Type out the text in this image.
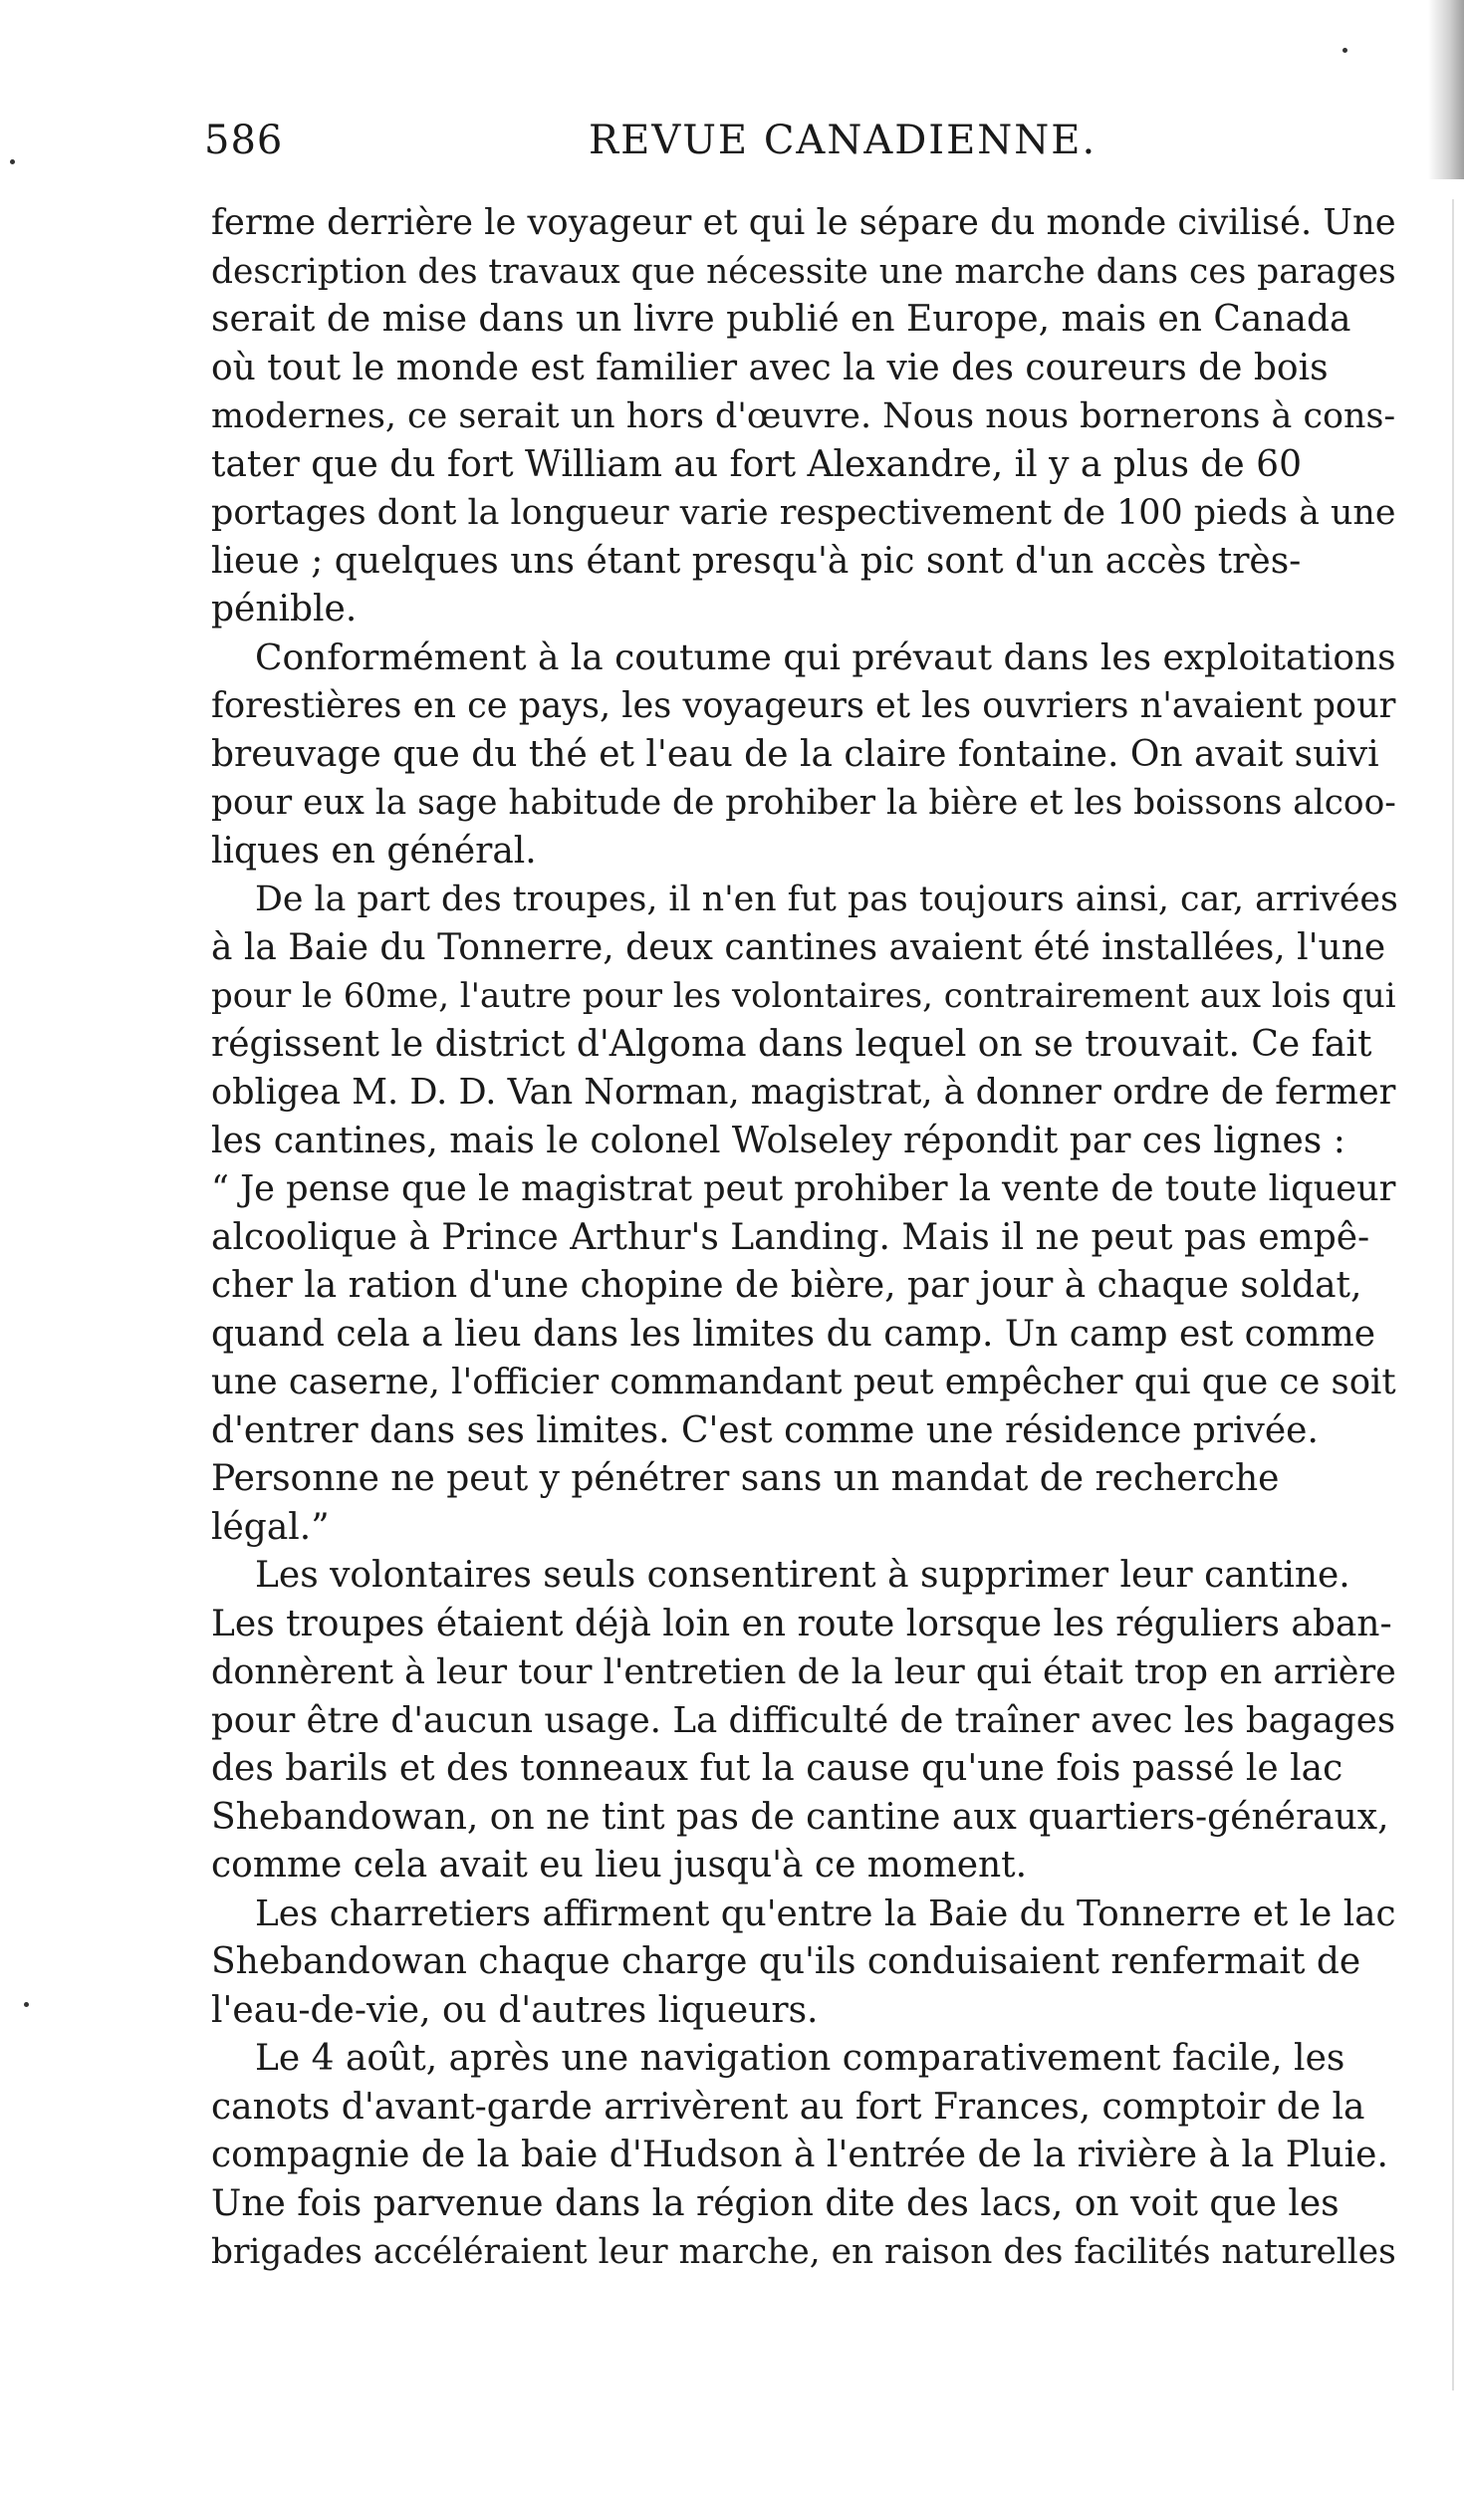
586	REVUE CANADIENNE.
ferme derrière le voyageur et qui le sépare du monde civilisé. Une
description des travaux que nécessite une marche dans ces parages
serait de mise dans un livre publié en Europe, mais en Canada
où tout le monde est familier avec la vie des coureurs de bois
modernes, ce serait un hors d'œuvre. Nous nous bornerons à cons-
tater que du fort William au fort Alexandre, il y a plus de 60
portages dont la longueur varie respectivement de 100 pieds à une
lieue ; quelques uns étant presqu'à pic sont d'un accès très-
pénible.
Conformément à la coutume qui prévaut dans les exploitations
forestières en ce pays, les voyageurs et les ouvriers n'avaient pour
breuvage que du thé et l'eau de la claire fontaine. On avait suivi
pour eux la sage habitude de prohiber la bière et les boissons alcoo-
liques en général.
De la part des troupes, il n'en fut pas toujours ainsi, car, arrivées
à la Baie du Tonnerre, deux cantines avaient été installées, l'une
pour le 60me, l'autre pour les volontaires, contrairement aux lois qui
régissent le district d'Algoma dans lequel on se trouvait. Ce fait
obligea M. D. D. Van Norman, magistrat, à donner ordre de fermer
les cantines, mais le colonel Wolseley répondit par ces lignes :
“ Je pense que le magistrat peut prohiber la vente de toute liqueur
alcoolique à Prince Arthur's Landing. Mais il ne peut pas empê-
cher la ration d'une chopine de bière, par jour à chaque soldat,
quand cela a lieu dans les limites du camp. Un camp est comme
une caserne, l'officier commandant peut empêcher qui que ce soit
d'entrer dans ses limites. C'est comme une résidence privée.
Personne ne peut y pénétrer sans un mandat de recherche
légal.”
Les volontaires seuls consentirent à supprimer leur cantine.
Les troupes étaient déjà loin en route lorsque les réguliers aban-
donnèrent à leur tour l'entretien de la leur qui était trop en arrière
pour être d'aucun usage. La difficulté de traîner avec les bagages
des barils et des tonneaux fut la cause qu'une fois passé le lac
Shebandowan, on ne tint pas de cantine aux quartiers-généraux,
comme cela avait eu lieu jusqu'à ce moment.
Les charretiers affirment qu'entre la Baie du Tonnerre et le lac
Shebandowan chaque charge qu'ils conduisaient renfermait de
l'eau-de-vie, ou d'autres liqueurs.
Le 4 août, après une navigation comparativement facile, les
canots d'avant-garde arrivèrent au fort Frances, comptoir de la
compagnie de la baie d'Hudson à l'entrée de la rivière à la Pluie.
Une fois parvenue dans la région dite des lacs, on voit que les
brigades accéléraient leur marche, en raison des facilités naturelles
